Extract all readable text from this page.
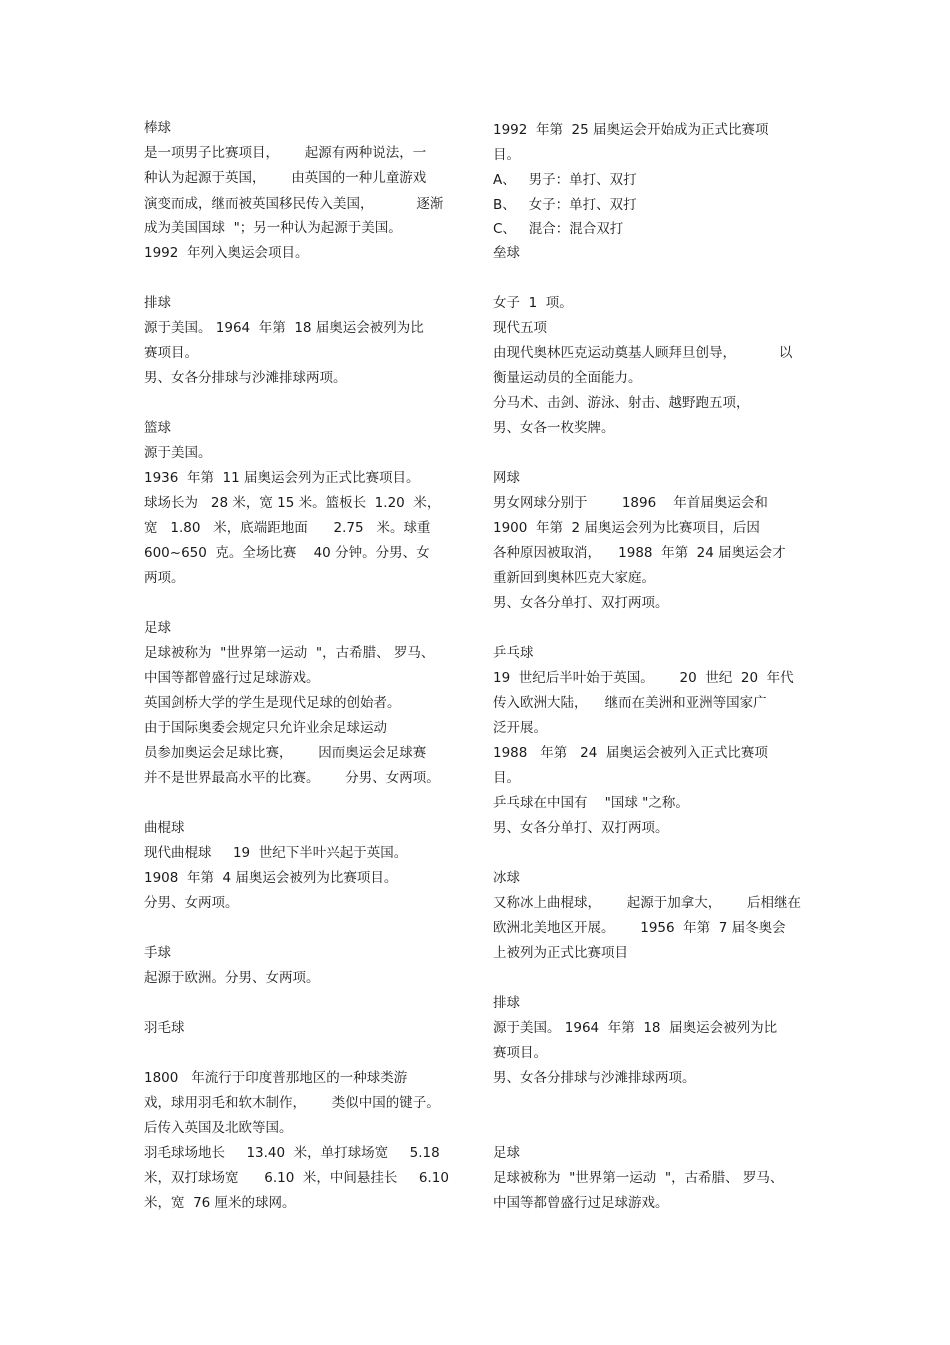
棒球
是一项男子比赛项目，      起源有两种说法，一
种认为起源于英国，      由英国的一种儿童游戏
演变而成，继而被英国移民传入美国，          逐渐
成为美国国球  "；另一种认为起源于美国。
1992  年列入奥运会项目。
排球
源于美国。 1964  年第  18 届奥运会被列为比
赛项目。
男、女各分排球与沙滩排球两项。
篮球
源于美国。
1936  年第  11 届奥运会列为正式比赛项目。
球场长为   28 米，宽 15 米。篮板长  1.20  米，
宽   1.80   米，底端距地面      2.75   米。球重
600~650  克。全场比赛    40 分钟。分男、女
两项。
足球
足球被称为  "世界第一运动  "，古希腊、 罗马、
中国等都曾盛行过足球游戏。
英国剑桥大学的学生是现代足球的创始者。
由于国际奥委会规定只允许业余足球运动
员参加奥运会足球比赛，      因而奥运会足球赛
并不是世界最高水平的比赛。      分男、女两项。
曲棍球
现代曲棍球     19  世纪下半叶兴起于英国。
1908  年第  4 届奥运会被列为比赛项目。
分男、女两项。
手球
起源于欧洲。分男、女两项。
羽毛球
1800   年流行于印度普那地区的一种球类游
戏，球用羽毛和软木制作，      类似中国的键子。
后传入英国及北欧等国。
羽毛球场地长     13.40  米，单打球场宽     5.18
米，双打球场宽      6.10  米，中间悬挂长     6.10
米，宽  76 厘米的球网。
1992  年第  25 届奥运会开始成为正式比赛项
目。
A、   男子：单打、双打
B、   女子：单打、双打
C、   混合：混合双打
垒球
女子  1  项。
现代五项
由现代奥林匹克运动奠基人顾拜旦创导，          以
衡量运动员的全面能力。
分马术、击剑、游泳、射击、越野跑五项，
男、女各一枚奖牌。
网球
男女网球分别于        1896    年首届奥运会和
1900  年第  2 届奥运会列为比赛项目，后因
各种原因被取消，    1988  年第  24 届奥运会才
重新回到奥林匹克大家庭。
男、女各分单打、双打两项。
乒乓球
19  世纪后半叶始于英国。      20  世纪  20  年代
传入欧洲大陆，    继而在美洲和亚洲等国家广
泛开展。
1988   年第   24  届奥运会被列入正式比赛项
目。
乒乓球在中国有    "国球 "之称。
男、女各分单打、双打两项。
冰球
又称冰上曲棍球，      起源于加拿大，      后相继在
欧洲北美地区开展。      1956  年第  7 届冬奥会
上被列为正式比赛项目
排球
源于美国。 1964  年第  18  届奥运会被列为比
赛项目。
男、女各分排球与沙滩排球两项。
足球
足球被称为  "世界第一运动  "，古希腊、 罗马、
中国等都曾盛行过足球游戏。
